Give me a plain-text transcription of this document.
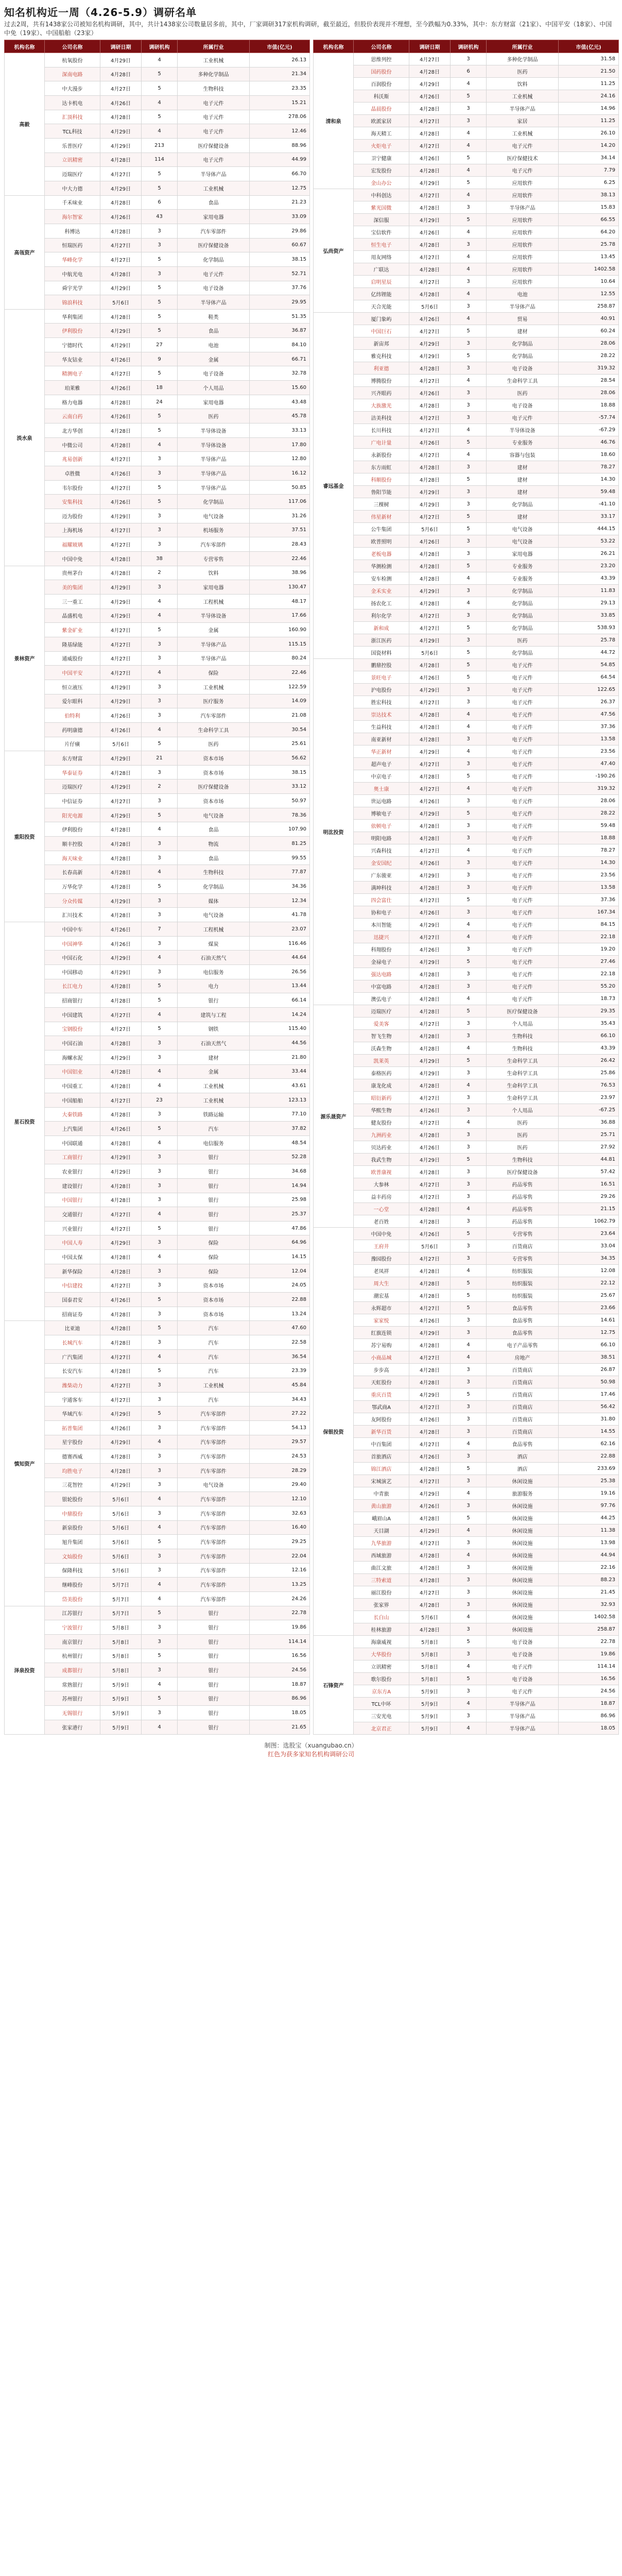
知名机构近一周（4.26-5.9）调研名单
过去2周，共有1438家公司被知名机构调研，其中，共计1438家公司数量居多前，其中，厂家调研317家机构调研，截至最近，但股价表现并不理想，至今跌幅为0.33%，其中：东方财富（21家）、中国平安（18家）、中国中免（19家）、中国船舶（23家）
机构名称	公司名称	调研日期	调研机构	所属行业	市值(亿元)
高毅	杭氧股份	4月29日	4	工业机械	26.13
	深南电路	4月28日	5	多种化学制品	21.34
	中大漫步	4月27日	5	生物科技	23.35
	达卡机电	4月26日	4	电子元件	15.21
	汇顶科技	4月28日	5	电子元件	278.06
	TCL科技	4月29日	4	电子元件	12.46
	乐普医疗	4月29日	213	医疗保健设备	88.96
	立讯精密	4月28日	114	电子元件	44.99
	迈瑞医疗	4月27日	5	半导体产品	66.70
	中大力德	4月29日	5	工业机械	12.75
高瓴资产	千禾味业	4月28日	6	食品	21.23
	海尔智家	4月26日	43	家用电器	33.09
	科博达	4月28日	3	汽车零部件	29.86
	恒瑞医药	4月27日	3	医疗保健设备	60.67
	华峰化学	4月27日	5	化学制品	38.15
	中航光电	4月28日	3	电子元件	52.71
	舜宇光学	4月29日	5	电子设备	37.76
	锦浪科技	5月6日	5	半导体产品	29.95
淡水泉	华利集团	4月28日	5	鞋类	51.35
	伊利股份	4月29日	5	食品	36.87
	宁德时代	4月29日	27	电池	84.10
	华友钴业	4月26日	9	金属	66.71
	精测电子	4月27日	5	电子设备	32.78
	珀莱雅	4月26日	18	个人用品	15.60
	格力电器	4月28日	24	家用电器	43.48
	云南白药	4月26日	5	医药	45.78
	北方华创	4月28日	5	半导体设备	33.13
	中微公司	4月28日	4	半导体设备	17.80
	兆易创新	4月27日	3	半导体产品	12.80
	卓胜微	4月26日	3	半导体产品	16.12
	韦尔股份	4月27日	5	半导体产品	50.85
	安集科技	4月26日	5	化学制品	117.06
	迈为股份	4月29日	3	电气设备	31.26
	上海机场	4月27日	3	机场服务	37.51
	福耀玻璃	4月27日	3	汽车零部件	28.43
	中国中免	4月28日	38	专营零售	22.46
景林资产	贵州茅台	4月28日	2	饮料	38.96
	美的集团	4月29日	3	家用电器	130.47
	三一重工	4月29日	4	工程机械	48.17
	晶盛机电	4月29日	4	半导体设备	17.66
	紫金矿业	4月27日	5	金属	160.90
	隆基绿能	4月27日	3	半导体产品	115.15
	通威股份	4月27日	3	半导体产品	80.24
	中国平安	4月27日	4	保险	22.46
	恒立液压	4月29日	3	工业机械	122.59
	爱尔眼科	4月29日	3	医疗服务	14.09
	伯特利	4月26日	3	汽车零部件	21.08
	药明康德	4月26日	4	生命科学工具	30.54
	片仔癀	5月6日	5	医药	25.61
重阳投资	东方财富	4月29日	21	资本市场	56.62
	华泰证券	4月28日	3	资本市场	38.15
	迈瑞医疗	4月29日	2	医疗保健设备	33.12
	中信证券	4月27日	3	资本市场	50.97
	阳光电源	4月29日	5	电气设备	78.36
	伊利股份	4月28日	4	食品	107.90
	顺丰控股	4月28日	3	物流	81.25
	海天味业	4月28日	3	食品	99.55
	长春高新	4月28日	4	生物科技	77.87
	万华化学	4月28日	5	化学制品	34.36
	分众传媒	4月29日	3	媒体	12.34
	汇川技术	4月28日	3	电气设备	41.78
星石投资	中国中车	4月26日	7	工程机械	23.07
	中国神华	4月26日	3	煤炭	116.46
	中国石化	4月29日	4	石油天然气	44.64
	中国移动	4月29日	3	电信服务	26.56
	长江电力	4月28日	5	电力	13.44
	招商银行	4月28日	5	银行	66.14
	中国建筑	4月27日	4	建筑与工程	14.24
	宝钢股份	4月27日	5	钢铁	115.40
	中国石油	4月28日	3	石油天然气	44.56
	海螺水泥	4月29日	3	建材	21.80
	中国铝业	4月28日	4	金属	33.44
	中国重工	4月28日	4	工业机械	43.61
	中国船舶	4月27日	23	工业机械	123.13
	大秦铁路	4月28日	3	铁路运输	77.10
	上汽集团	4月26日	5	汽车	37.82
	中国联通	4月28日	4	电信服务	48.54
	工商银行	4月29日	3	银行	52.28
	农业银行	4月29日	3	银行	34.68
	建设银行	4月28日	3	银行	14.94
	中国银行	4月28日	3	银行	25.98
	交通银行	4月27日	4	银行	25.37
	兴业银行	4月27日	5	银行	47.86
	中国人寿	4月29日	3	保险	64.96
	中国太保	4月28日	4	保险	14.15
	新华保险	4月28日	3	保险	12.04
	中信建投	4月27日	3	资本市场	24.05
	国泰君安	4月26日	5	资本市场	22.88
	招商证券	4月28日	3	资本市场	13.24
慎知资产	比亚迪	4月28日	5	汽车	47.60
	长城汽车	4月28日	3	汽车	22.58
	广汽集团	4月27日	4	汽车	36.54
	长安汽车	4月28日	5	汽车	23.39
	潍柴动力	4月27日	3	工业机械	45.84
	宇通客车	4月27日	3	汽车	34.43
	华域汽车	4月29日	5	汽车零部件	27.22
	拓普集团	4月26日	3	汽车零部件	54.13
	星宇股份	4月29日	4	汽车零部件	29.57
	德赛西威	4月28日	3	汽车零部件	24.53
	均胜电子	4月28日	3	汽车零部件	28.29
	三花智控	4月29日	3	电气设备	29.40
	银轮股份	5月6日	4	汽车零部件	12.10
	中鼎股份	5月6日	3	汽车零部件	32.63
	新泉股份	5月6日	4	汽车零部件	16.40
	旭升集团	5月6日	5	汽车零部件	29.25
	文灿股份	5月6日	3	汽车零部件	22.04
	保隆科技	5月6日	3	汽车零部件	12.16
	继峰股份	5月7日	4	汽车零部件	13.25
	岱美股份	5月7日	4	汽车零部件	24.26
泽泉投资	江苏银行	5月7日	5	银行	22.78
	宁波银行	5月8日	3	银行	19.86
	南京银行	5月8日	3	银行	114.14
	杭州银行	5月8日	5	银行	16.56
	成都银行	5月8日	3	银行	24.56
	常熟银行	5月9日	4	银行	18.87
	苏州银行	5月9日	5	银行	86.96
	无锡银行	5月9日	3	银行	18.05
	张家港行	5月9日	4	银行	21.65
机构名称	公司名称	调研日期	调研机构	所属行业	市值(亿元)
清和泉	思维列控	4月27日	3	多种化学制品	31.58
	国药股份	4月28日	6	医药	21.50
	百润股份	4月29日	4	饮料	11.25
	科沃斯	4月26日	5	工业机械	24.16
	晶晨股份	4月28日	3	半导体产品	14.96
	欧派家居	4月27日	3	家居	11.25
	海天精工	4月28日	4	工业机械	26.10
	火炬电子	4月27日	4	电子元件	14.20
	卫宁健康	4月26日	5	医疗保健技术	34.14
	宏发股份	4月28日	4	电子元件	7.79
	金山办公	4月29日	5	应用软件	6.25
弘尚资产	中科创达	4月27日	4	应用软件	38.13
	紫光国微	4月28日	3	半导体产品	15.83
	深信服	4月29日	5	应用软件	66.55
	宝信软件	4月26日	4	应用软件	64.20
	恒生电子	4月28日	3	应用软件	25.78
	用友网络	4月27日	4	应用软件	13.45
	广联达	4月28日	4	应用软件	1402.58
	启明星辰	4月27日	3	应用软件	10.64
	亿纬锂能	4月28日	4	电池	12.55
	天合光能	5月6日	3	半导体产品	258.87
睿远基金	厦门象屿	4月26日	4	贸易	40.91
	中国巨石	4月27日	5	建材	60.24
	新宙邦	4月29日	3	化学制品	28.06
	雅克科技	4月29日	5	化学制品	28.22
	利亚德	4月28日	3	电子设备	319.32
	博腾股份	4月27日	4	生命科学工具	28.54
	兴齐眼药	4月26日	3	医药	28.06
	大族激光	4月28日	3	电子设备	18.88
	洁美科技	4月27日	3	电子元件	-57.74
	长川科技	4月27日	4	半导体设备	-67.29
	广电计量	4月26日	5	专业服务	46.76
	永新股份	4月27日	4	容器与包装	18.60
	东方雨虹	4月28日	3	建材	78.27
	科顺股份	4月28日	5	建材	14.30
	鲁阳节能	4月29日	3	建材	59.48
	三棵树	4月29日	3	化学制品	-41.10
	伟星新材	4月27日	5	建材	33.17
	公牛集团	5月6日	5	电气设备	444.15
	欧普照明	4月26日	3	电气设备	53.22
	老板电器	4月28日	3	家用电器	26.21
	华测检测	4月28日	5	专业服务	23.20
	安车检测	4月28日	4	专业服务	43.39
	金禾实业	4月29日	3	化学制品	11.83
	扬农化工	4月28日	4	化学制品	29.13
	利尔化学	4月27日	3	化学制品	33.85
	新和成	4月27日	5	化学制品	538.93
	浙江医药	4月29日	3	医药	25.78
	国瓷材料	5月6日	5	化学制品	44.72
明汯投资	鹏鼎控股	4月28日	5	电子元件	54.85
	景旺电子	4月26日	5	电子元件	64.54
	沪电股份	4月29日	3	电子元件	122.65
	胜宏科技	4月27日	3	电子元件	26.37
	崇达技术	4月28日	4	电子元件	47.56
	生益科技	4月28日	4	电子元件	37.36
	南亚新材	4月28日	3	电子元件	13.58
	华正新材	4月29日	4	电子元件	23.56
	超声电子	4月27日	3	电子元件	47.40
	中京电子	4月28日	5	电子元件	-190.26
	奥士康	4月27日	4	电子元件	319.32
	世运电路	4月26日	3	电子元件	28.06
	博敏电子	4月29日	5	电子元件	28.22
	依顿电子	4月28日	3	电子元件	59.48
	明阳电路	4月28日	3	电子元件	18.88
	兴森科技	4月27日	4	电子元件	78.27
	金安国纪	4月26日	3	电子元件	14.30
	广东骏亚	4月29日	3	电子元件	23.56
	满坤科技	4月28日	3	电子元件	13.58
	四会富仕	4月27日	5	电子元件	37.36
	协和电子	4月26日	3	电子元件	167.34
	本川智能	4月29日	4	电子元件	84.15
	迅捷兴	4月27日	4	电子元件	22.18
	科翔股份	4月26日	3	电子元件	19.20
	金禄电子	4月29日	5	电子元件	27.46
	强达电路	4月28日	3	电子元件	22.18
	中富电路	4月28日	3	电子元件	55.20
	澳弘电子	4月28日	4	电子元件	18.73
源乐晟资产	迈瑞医疗	4月28日	5	医疗保健设备	29.35
	爱美客	4月27日	3	个人用品	35.43
	智飞生物	4月28日	3	生物科技	66.10
	沃森生物	4月28日	4	生物科技	43.39
	凯莱英	4月29日	5	生命科学工具	26.42
	泰格医药	4月29日	3	生命科学工具	25.86
	康龙化成	4月28日	4	生命科学工具	76.53
	昭衍新药	4月27日	3	生命科学工具	23.97
	华熙生物	4月26日	3	个人用品	-67.25
	健友股份	4月27日	4	医药	36.88
	九洲药业	4月28日	3	医药	25.71
	贝达药业	4月26日	3	医药	27.92
	我武生物	4月29日	5	生物科技	44.81
	欧普康视	4月28日	3	医疗保健设备	57.42
	大参林	4月27日	3	药品零售	16.51
	益丰药房	4月27日	3	药品零售	29.26
	一心堂	4月28日	4	药品零售	21.15
	老百姓	4月28日	3	药品零售	1062.79
保银投资	中国中免	4月26日	5	专营零售	23.64
	王府井	5月6日	3	百货商店	33.04
	豫园股份	4月27日	3	专营零售	34.35
	老凤祥	4月28日	4	纺织服装	12.08
	周大生	4月28日	5	纺织服装	22.12
	潮宏基	4月28日	5	纺织服装	25.67
	永辉超市	4月27日	5	食品零售	23.66
	家家悦	4月26日	3	食品零售	14.61
	红旗连锁	4月29日	3	食品零售	12.75
	苏宁易购	4月28日	4	电子产品零售	66.10
	小商品城	4月27日	4	房地产	38.51
	步步高	4月28日	3	百货商店	26.87
	天虹股份	4月28日	3	百货商店	50.98
	重庆百货	4月29日	5	百货商店	17.46
	鄂武商A	4月27日	3	百货商店	56.42
	友阿股份	4月26日	3	百货商店	31.80
	新华百货	4月28日	3	百货商店	14.55
	中百集团	4月27日	4	食品零售	62.16
	首旅酒店	4月26日	3	酒店	22.88
	锦江酒店	4月28日	5	酒店	233.69
	宋城演艺	4月27日	3	休闲设施	25.38
	中青旅	4月29日	4	旅游服务	19.16
	黄山旅游	4月26日	3	休闲设施	97.76
	峨眉山A	4月28日	5	休闲设施	44.25
	天目湖	4月29日	4	休闲设施	11.38
	九华旅游	4月27日	3	休闲设施	13.98
	西域旅游	4月28日	4	休闲设施	44.94
	曲江文旅	4月28日	3	休闲设施	22.16
	三特索道	4月28日	3	休闲设施	88.23
	丽江股份	4月27日	3	休闲设施	21.45
	张家界	4月28日	3	休闲设施	32.93
	长白山	5月6日	4	休闲设施	1402.58
	桂林旅游	4月28日	3	休闲设施	258.87
石锋资产	海康威视	5月8日	5	电子设备	22.78
	大华股份	5月8日	3	电子设备	19.86
	立讯精密	5月8日	4	电子元件	114.14
	歌尔股份	5月8日	5	电子设备	16.56
	京东方A	5月9日	3	电子元件	24.56
	TCL中环	5月9日	4	半导体产品	18.87
	三安光电	5月9日	3	半导体产品	86.96
	北京君正	5月9日	4	半导体产品	18.05
制图：选股宝（xuangubao.cn）
红色为获多家知名机构调研公司
